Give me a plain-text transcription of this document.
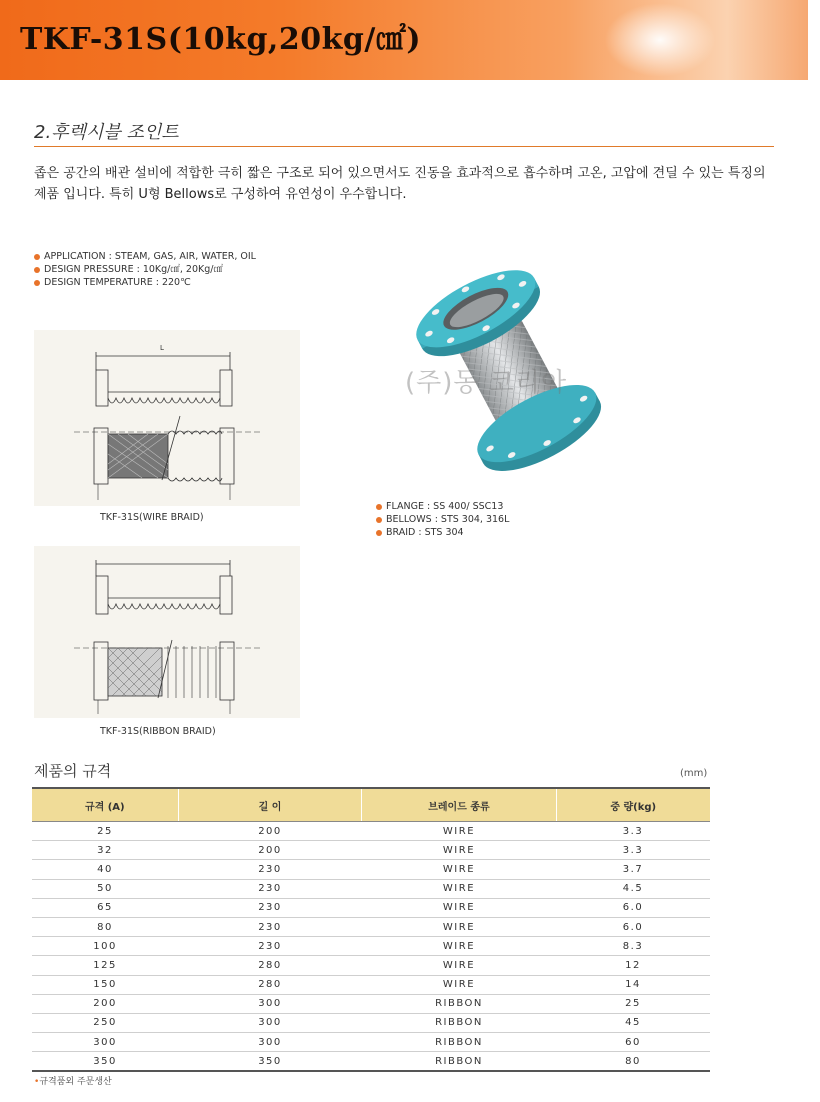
TKF-31S(10kg,20kg/㎠)
2.후렉시블 조인트
좁은 공간의 배관 설비에 적합한 극히 짧은 구조로 되어 있으면서도 진동을 효과적으로 흡수하며 고온, 고압에 견딜 수 있는 특징의 제품 입니다. 특히 U형 Bellows로 구성하여 유연성이 우수합니다.
APPLICATION : STEAM, GAS, AIR, WATER, OIL
DESIGN PRESSURE : 10Kg/㎠, 20Kg/㎠
DESIGN TEMPERATURE : 220℃
L
TKF-31S(WIRE BRAID)
TKF-31S(RIBBON BRAID)
(주)동 코리아
FLANGE : SS 400/ SSC13
BELLOWS : STS 304, 316L
BRAID : STS 304
제품의 규격	(mm)
규격 (A)	길 이	브레이드 종류	중 량(kg)
25	200	WIRE	3.3
32	200	WIRE	3.3
40	230	WIRE	3.7
50	230	WIRE	4.5
65	230	WIRE	6.0
80	230	WIRE	6.0
100	230	WIRE	8.3
125	280	WIRE	12
150	280	WIRE	14
200	300	RIBBON	25
250	300	RIBBON	45
300	300	RIBBON	60
350	350	RIBBON	80
•규격품외 주문생산
